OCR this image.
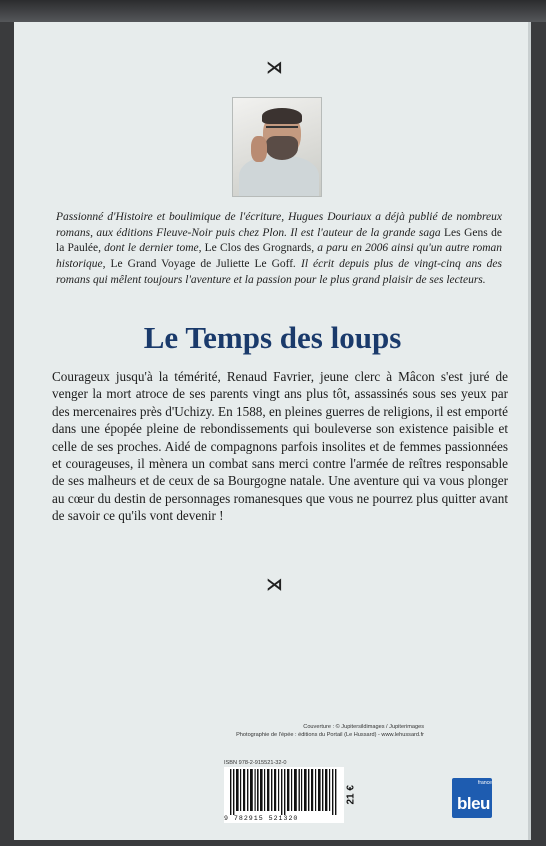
⋊
Passionné d'Histoire et boulimique de l'écriture, Hugues Douriaux a déjà publié de nombreux romans, aux éditions Fleuve-Noir puis chez Plon. Il est l'auteur de la grande saga Les Gens de la Paulée, dont le dernier tome, Le Clos des Grognards, a paru en 2006 ainsi qu'un autre roman historique, Le Grand Voyage de Juliette Le Goff. Il écrit depuis plus de vingt-cinq ans des romans qui mêlent toujours l'aventure et la passion pour le plus grand plaisir de ses lecteurs.
Le Temps des loups
Courageux jusqu'à la témérité, Renaud Favrier, jeune clerc à Mâcon s'est juré de venger la mort atroce de ses parents vingt ans plus tôt, assassinés sous ses yeux par des mercenaires près d'Uchizy. En 1588, en pleines guerres de religions, il est emporté dans une épopée pleine de rebondissements qui bouleverse son existence paisible et celle de ses proches. Aidé de compagnons parfois insolites et de femmes passionnées et courageuses, il mènera un combat sans merci contre l'armée de reîtres responsable de ses malheurs et de ceux de sa Bourgogne natale. Une aventure qui va vous plonger au cœur du destin de personnages romanesques que vous ne pourrez plus quitter avant de savoir ce qu'ils vont devenir !
⋊
Couverture : © Jupitersildimages / Jupiterimages
Photographie de l'épée : éditions du Portail (Le Hussard) - www.lehussard.fr
ISBN 978-2-915521-32-0
9 782915 521320
21 €
france
bleu
